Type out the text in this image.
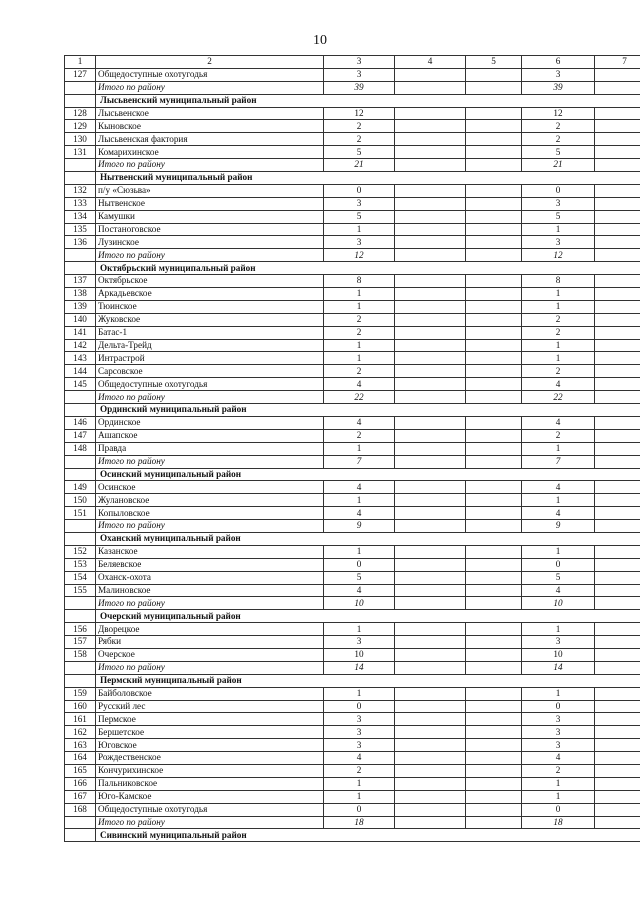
10
1	2	3	4	5	6	7
127	Общедоступные охотугодья	3			3	
	Итого по району	39			39	
	Лысьвенский муниципальный район					
128	Лысьвенское	12			12	
129	Кыновское	2			2	
130	Лысьвенская фактория	2			2	
131	Комарихинское	5			5	
	Итого по району	21			21	
	Нытвенский муниципальный район					
132	п/у «Сюзьва»	0			0	
133	Нытвенское	3			3	
134	Камушки	5			5	
135	Постаноговское	1			1	
136	Лузинское	3			3	
	Итого по району	12			12	
	Октябрьский муниципальный район					
137	Октябрьское	8			8	
138	Аркадьевское	1			1	
139	Тюинское	1			1	
140	Жуковское	2			2	
141	Батас-1	2			2	
142	Дельта-Трейд	1			1	
143	Интрастрой	1			1	
144	Сарсовское	2			2	
145	Общедоступные охотугодья	4			4	
	Итого по району	22			22	
	Ординский муниципальный район					
146	Ординское	4			4	
147	Ашапское	2			2	
148	Правда	1			1	
	Итого по району	7			7	
	Осинский муниципальный район					
149	Осинское	4			4	
150	Жулановское	1			1	
151	Копыловское	4			4	
	Итого по району	9			9	
	Оханский муниципальный район					
152	Казанское	1			1	
153	Беляевское	0			0	
154	Оханск-охота	5			5	
155	Малиновское	4			4	
	Итого по району	10			10	
	Очерский муниципальный район					
156	Дворецкое	1			1	
157	Рябки	3			3	
158	Очерское	10			10	
	Итого по району	14			14	
	Пермский муниципальный район					
159	Байболовское	1			1	
160	Русский лес	0			0	
161	Пермское	3			3	
162	Бершетское	3			3	
163	Юговское	3			3	
164	Рождественское	4			4	
165	Кончурихинское	2			2	
166	Пальниковское	1			1	
167	Юго-Камское	1			1	
168	Общедоступные охотугодья	0			0	
	Итого по району	18			18	
	Сивинский муниципальный район					
